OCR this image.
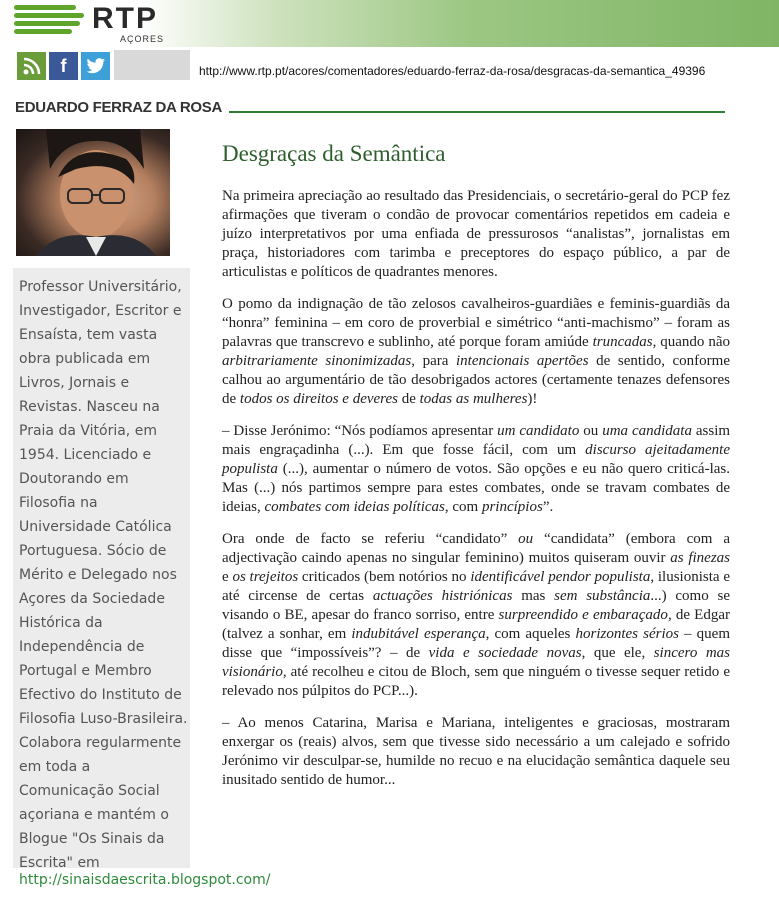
RTP
AÇORES
f	http://www.rtp.pt/acores/comentadores/eduardo-ferraz-da-rosa/desgracas-da-semantica_49396
EDUARDO FERRAZ DA ROSA
Professor Universitário, Investigador, Escritor e Ensaísta, tem vasta obra publicada em Livros, Jornais e Revistas. Nasceu na Praia da Vitória, em 1954. Licenciado e Doutorando em Filosofia na Universidade Católica Portuguesa. Sócio de Mérito e Delegado nos Açores da Sociedade Histórica da Independência de Portugal e Membro Efectivo do Instituto de Filosofia Luso-Brasileira. Colabora regularmente em toda a Comunicação Social açoriana e mantém o Blogue "Os Sinais da Escrita" em
http://sinaisdaescrita.blogspot.com/
Desgraças da Semântica

Na primeira apreciação ao resultado das Presidenciais, o secretário-geral do PCP fez afirmações que tiveram o condão de provocar comentários repetidos em cadeia e juízo interpretativos por uma enfiada de pressurosos “analistas”, jornalistas em praça, historiadores com tarimba e preceptores do espaço público, a par de articulistas e políticos de quadrantes menores.

O pomo da indignação de tão zelosos cavalheiros-guardiães e feminis-guardiãs da “honra” feminina – em coro de proverbial e simétrico “anti-machismo” – foram as palavras que transcrevo e sublinho, até porque foram amiúde truncadas, quando não arbitrariamente sinonimizadas, para intencionais apertões de sentido, conforme calhou ao argumentário de tão desobrigados actores (certamente tenazes defensores de todos os direitos e deveres de todas as mulheres)!

– Disse Jerónimo: “Nós podíamos apresentar um candidato ou uma candidata assim mais engraçadinha (...). Em que fosse fácil, com um discurso ajeitadamente populista (...), aumentar o número de votos. São opções e eu não quero criticá-las. Mas (...) nós partimos sempre para estes combates, onde se travam combates de ideias, combates com ideias políticas, com princípios”.

Ora onde de facto se referiu “candidato” ou “candidata” (embora com a adjectivação caindo apenas no singular feminino) muitos quiseram ouvir as finezas e os trejeitos criticados (bem notórios no identificável pendor populista, ilusionista e até circense de certas actuações histriónicas mas sem substância...) como se visando o BE, apesar do franco sorriso, entre surpreendido e embaraçado, de Edgar (talvez a sonhar, em indubitável esperança, com aqueles horizontes sérios – quem disse que “impossíveis”? – de vida e sociedade novas, que ele, sincero mas visionário, até recolheu e citou de Bloch, sem que ninguém o tivesse sequer retido e relevado nos púlpitos do PCP...).

– Ao menos Catarina, Marisa e Mariana, inteligentes e graciosas, mostraram enxergar os (reais) alvos, sem que tivesse sido necessário a um calejado e sofrido Jerónimo vir desculpar-se, humilde no recuo e na elucidação semântica daquele seu inusitado sentido de humor...
